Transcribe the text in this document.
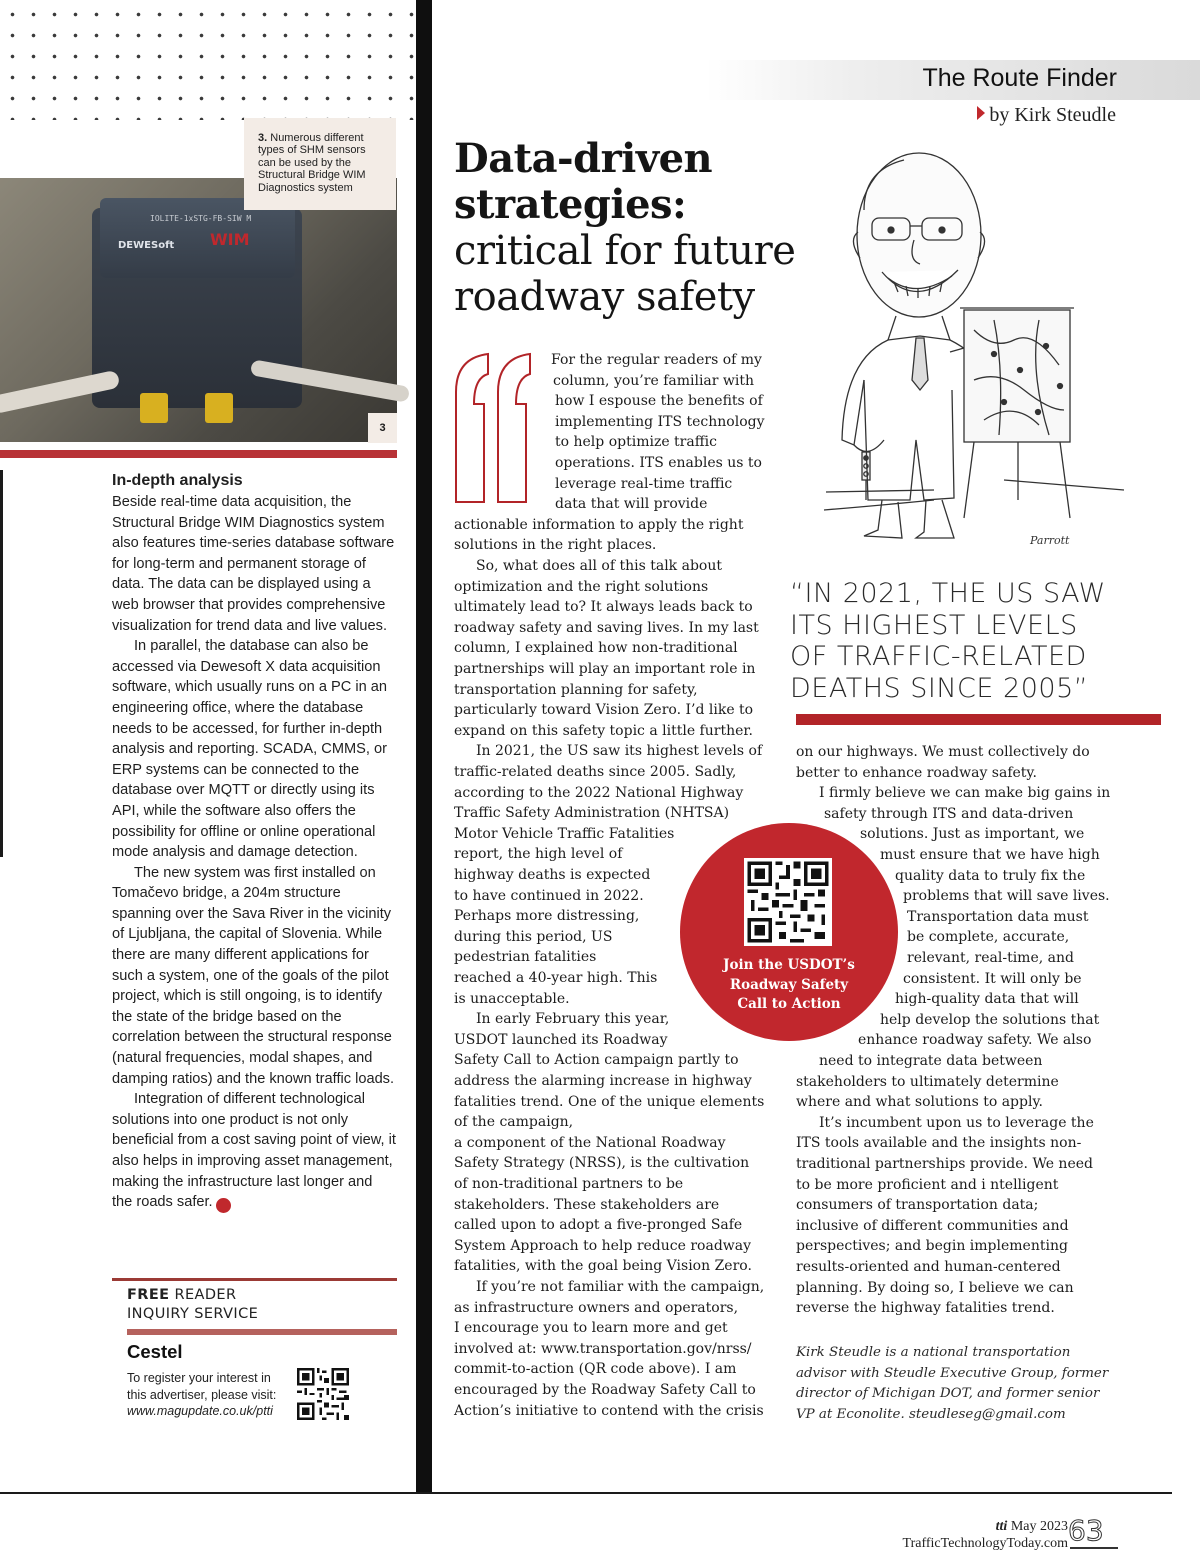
IOLITE-1xSTG-FB-SIW M
DEWESoft WIM
3. Numerous different types of SHM sensors can be used by the Structural Bridge WIM Diagnostics system
3
In-depth analysis

Beside real-time data acquisition, the Structural Bridge WIM Diagnostics system also features time-series database software for long-term and permanent storage of data. The data can be displayed using a web browser that provides comprehensive visualization for trend data and live values.

In parallel, the database can also be accessed via Dewesoft X data acquisition software, which usually runs on a PC in an engineering office, where the database needs to be accessed, for further in-depth analysis and reporting. SCADA, CMMS, or ERP systems can be connected to the database over MQTT or directly using its API, while the software also offers the possibility for offline or online operational mode analysis and damage detection.

The new system was first installed on Tomačevo bridge, a 204m structure spanning over the Sava River in the vicinity of Ljubljana, the capital of Slovenia. While there are many different applications for such a system, one of the goals of the pilot project, which is still ongoing, is to identify the state of the bridge based on the correlation between the structural response (natural frequencies, modal shapes, and damping ratios) and the known traffic loads.

Integration of different technological solutions into one product is not only beneficial from a cost saving point of view, it also helps in improving asset management, making the infrastructure last longer and the roads safer.	✕

FREE READER
INQUIRY SERVICE
Cestel
To register your interest in
this advertiser, please visit:
www.magupdate.co.uk/ptti
The Route Finder
by Kirk Steudle
Data-driven
strategies:
critical for future
roadway safety
Parrott
For the regular readers of my
column, you’re familiar with
how I espouse the benefits of
implementing ITS technology
to help optimize traffic
operations. ITS enables us to
leverage real-time traffic
data that will provide
actionable information to apply the right
solutions in the right places.
So, what does all of this talk about
optimization and the right solutions
ultimately lead to? It always leads back to
roadway safety and saving lives. In my last
column, I explained how non-traditional
partnerships will play an important role in
transportation planning for safety,
particularly toward Vision Zero. I’d like to
expand on this safety topic a little further.
In 2021, the US saw its highest levels of
traffic-related deaths since 2005. Sadly,
according to the 2022 National Highway
Traffic Safety Administration (NHTSA)
Motor Vehicle Traffic Fatalities
report, the high level of
highway deaths is expected
to have continued in 2022.
Perhaps more distressing,
during this period, US
pedestrian fatalities
reached a 40-year high. This
is unacceptable.
In early February this year,
USDOT launched its Roadway
Safety Call to Action campaign partly to
address the alarming increase in highway
fatalities trend. One of the unique elements
of the campaign,
a component of the National Roadway
Safety Strategy (NRSS), is the cultivation
of non-traditional partners to be
stakeholders. These stakeholders are
called upon to adopt a five-pronged Safe
System Approach to help reduce roadway
fatalities, with the goal being Vision Zero.
If you’re not familiar with the campaign,
as infrastructure owners and operators,
I encourage you to learn more and get
involved at: www.transportation.gov/nrss/
commit-to-action (QR code above). I am
encouraged by the Roadway Safety Call to
Action’s initiative to contend with the crisis
“IN 2021, THE US SAW
ITS HIGHEST LEVELS
OF TRAFFIC-RELATED
DEATHS SINCE 2005”
Join the USDOT’s
Roadway Safety
Call to Action
on our highways. We must collectively do
better to enhance roadway safety.
I firmly believe we can make big gains in
safety through ITS and data-driven
solutions. Just as important, we
must ensure that we have high
quality data to truly fix the
problems that will save lives.
Transportation data must
be complete, accurate,
relevant, real-time, and
consistent. It will only be
high-quality data that will
help develop the solutions that
enhance roadway safety. We also
need to integrate data between
stakeholders to ultimately determine
where and what solutions to apply.
It’s incumbent upon us to leverage the
ITS tools available and the insights non-
traditional partnerships provide. We need
to be more proficient and i ntelligent
consumers of transportation data;
inclusive of different communities and
perspectives; and begin implementing
results-oriented and human-centered
planning. By doing so, I believe we can
reverse the highway fatalities trend.
Kirk Steudle is a national transportation
advisor with Steudle Executive Group, former
director of Michigan DOT, and former senior
VP at Econolite. steudleseg@gmail.com
tti May 2023
TrafficTechnologyToday.com 63
